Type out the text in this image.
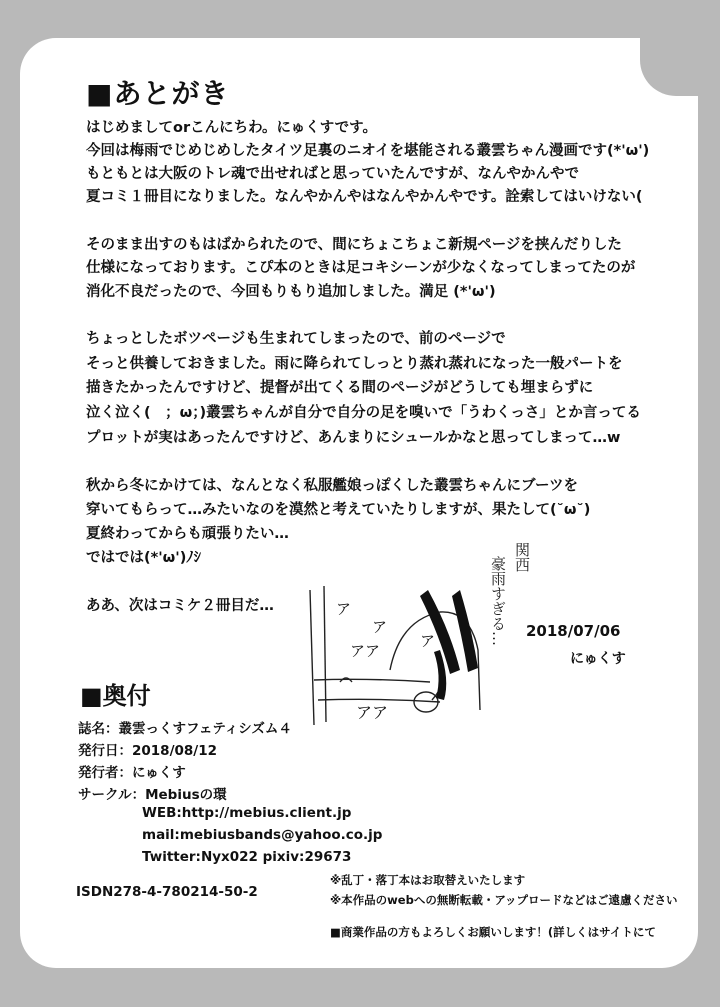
■あとがき

はじめましてorこんにちわ。にゅくすです。

今回は梅雨でじめじめしたタイツ足裏のニオイを堪能される叢雲ちゃん漫画です(*'ω')

もともとは大阪のトレ魂で出せればと思っていたんですが、なんやかんやで

夏コミ１冊目になりました。なんやかんやはなんやかんやです。詮索してはいけない(

そのまま出すのもはばかられたので、間にちょこちょこ新規ページを挟んだりした

仕様になっております。こぴ本のときは足コキシーンが少なくなってしまってたのが

消化不良だったので、今回もりもり追加しました。満足 (*'ω')

ちょっとしたボツページも生まれてしまったので、前のページで

そっと供養しておきました。雨に降られてしっとり蒸れ蒸れになった一般パートを

描きたかったんですけど、提督が出てくる間のページがどうしても埋まらずに

泣く泣く(　；ω；)叢雲ちゃんが自分で自分の足を嗅いで「うわくっさ」とか言ってる

プロットが実はあったんですけど、あんまりにシュールかなと思ってしまって…w

秋から冬にかけては、なんとなく私服艦娘っぽくした叢雲ちゃんにブーツを

穿いてもらって…みたいなのを漠然と考えていたりしますが、果たして(˘ω˘)

夏終わってからも頑張りたい…

ではでは(*'ω')ﾉｼ

ああ、次はコミケ２冊目だ…

関西
豪雨すぎる…
ア
ア
アア
ア
アア

2018/07/06

にゅくす

■奥付

誌名：叢雲っくすフェティシズム４

発行日：2018/08/12

発行者：にゅくす

サークル：Mebiusの環

WEB:http://mebius.client.jp

mail:mebiusbands@yahoo.co.jp

Twitter:Nyx022 pixiv:29673

ISDN278-4-780214-50-2

※乱丁・落丁本はお取替えいたします

※本作品のwebへの無断転載・アップロードなどはご遠慮ください

■商業作品の方もよろしくお願いします！(詳しくはサイトにて
